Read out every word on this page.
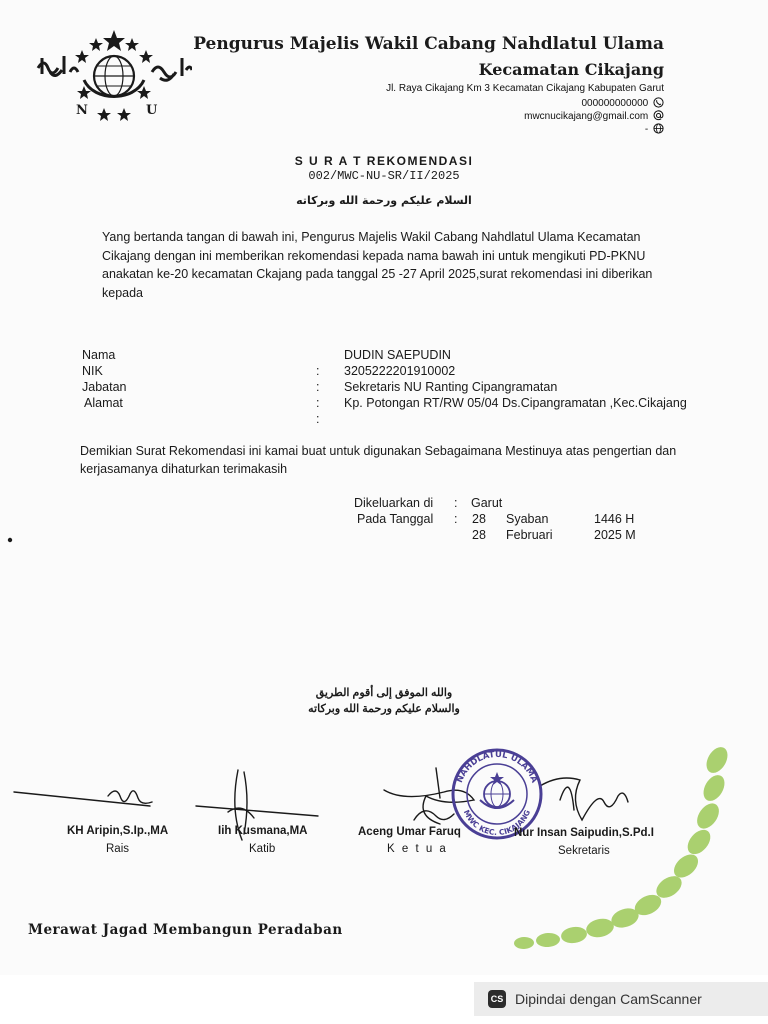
N	U
Pengurus Majelis Wakil Cabang Nahdlatul Ulama
Kecamatan Cikajang
Jl. Raya Cikajang Km 3 Kecamatan Cikajang Kabupaten Garut
000000000000
mwcnucikajang@gmail.com
-
S U R A T REKOMENDASI
002/MWC-NU-SR/II/2025
السلام عليكم ورحمة الله وبركاته
Yang bertanda tangan di bawah ini, Pengurus Majelis Wakil Cabang Nahdlatul Ulama Kecamatan Cikajang dengan ini memberikan rekomendasi kepada nama bawah ini untuk mengikuti PD-PKNU anakatan ke-20 kecamatan Ckajang pada tanggal 25 -27 April 2025,surat rekomendasi ini diberikan kepada
Nama	DUDIN SAEPUDIN
NIK	: 3205222201910002
Jabatan	: Sekretaris NU Ranting Cipangramatan
Alamat	: Kp. Potongan RT/RW 05/04 Ds.Cipangramatan ,Kec.Cikajang
:
Demikian Surat Rekomendasi ini kamai buat untuk digunakan Sebagaimana Mestinuya atas pengertian dan kerjasamanya dihaturkan terimakasih
Dikeluarkan di : Garut
Pada Tanggal : 28 Syaban	1446 H
28 Februari	2025 M
والله الموفق إلى أقوم الطريق
والسلام عليكم ورحمة الله وبركاته
NAHDLATUL ULAMA
MWC KEC. CIKAJANG
KH Aripin,S.Ip.,MA
Rais
Iih Kusmana,MA
Katib
Aceng Umar Faruq
K e t u a
Nur Insan Saipudin,S.Pd.I
Sekretaris
Merawat Jagad Membangun Peradaban
CS Dipindai dengan CamScanner
